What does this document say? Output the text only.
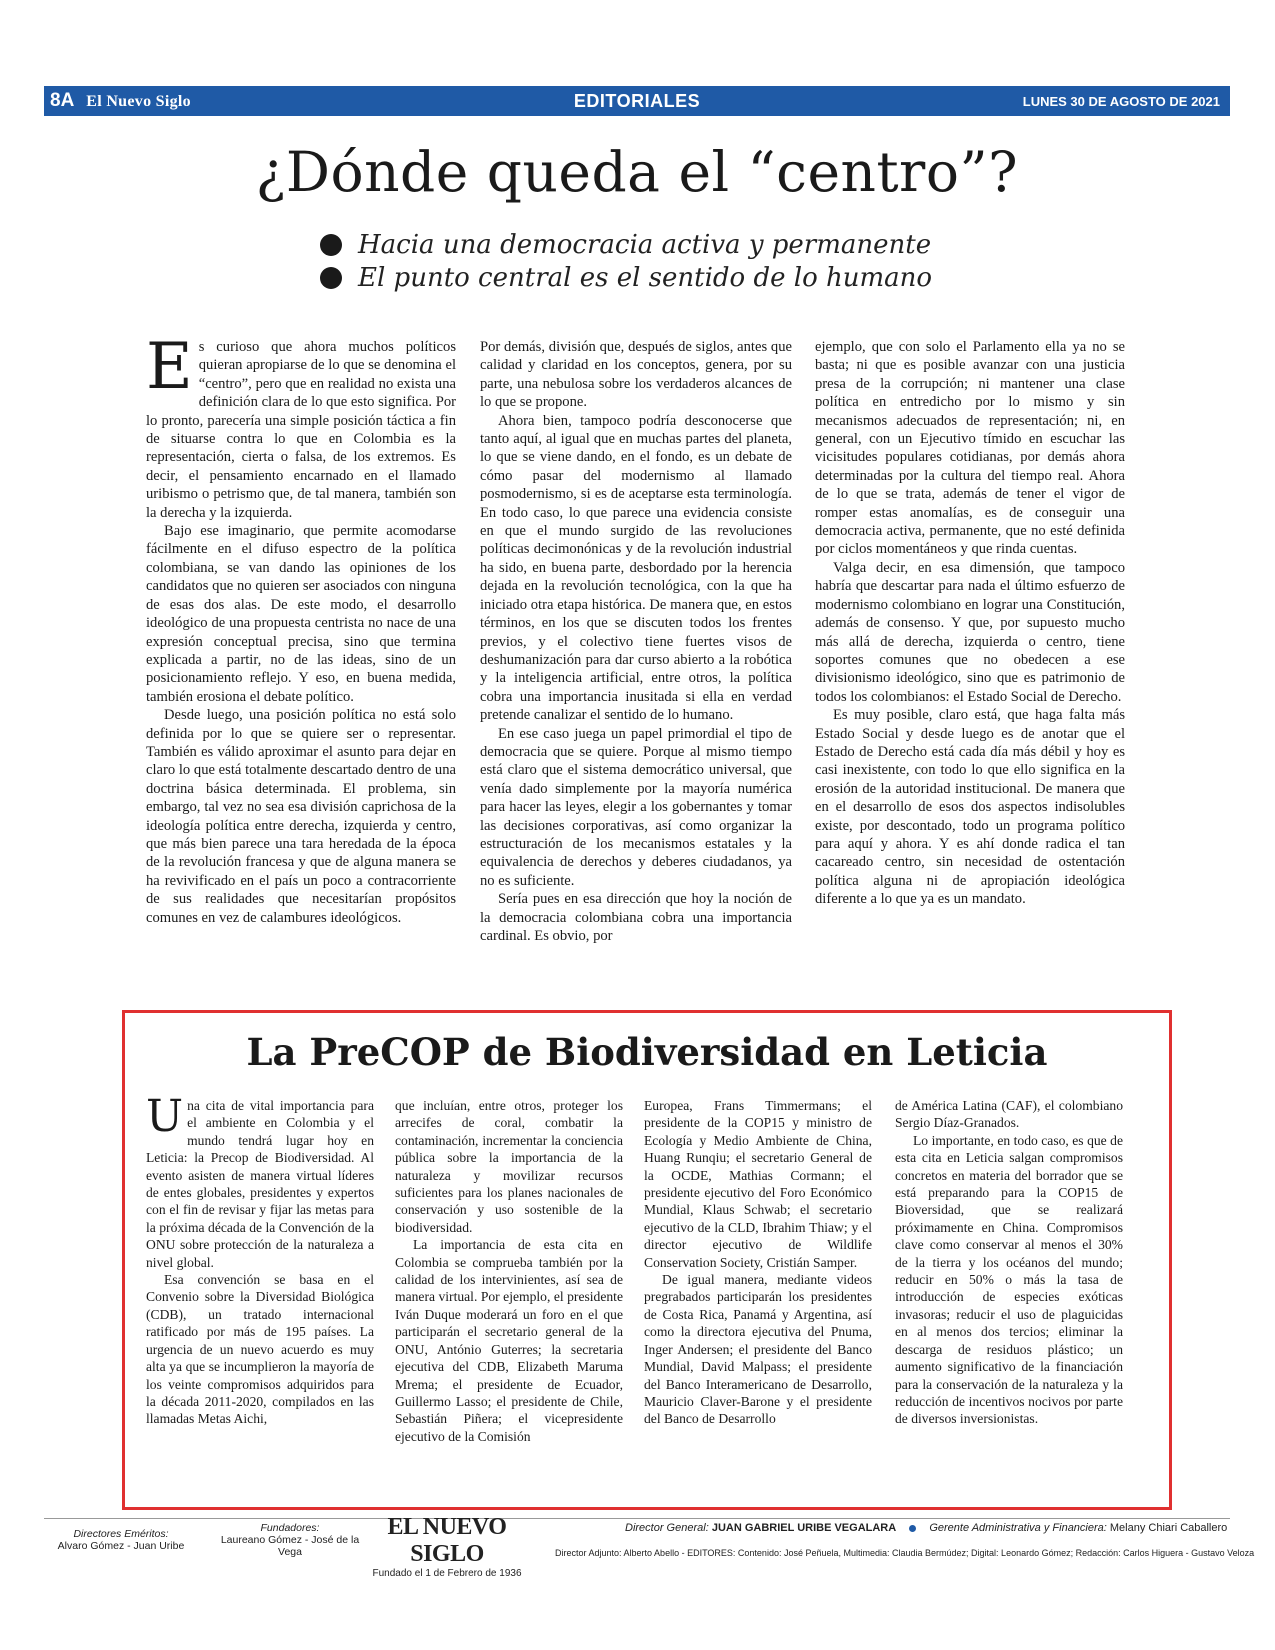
8A El Nuevo Siglo	EDITORIALES	LUNES 30 DE AGOSTO DE 2021
¿Dónde queda el “centro”?
Hacia una democracia activa y permanente
El punto central es el sentido de lo humano
E s curioso que ahora muchos políticos quieran apropiarse de lo que se denomina el “centro”, pero que en realidad no exista una definición clara de lo que esto significa. Por lo pronto, parecería una simple posición táctica a fin de situarse contra lo que en Colombia es la representación, cierta o falsa, de los extremos. Es decir, el pensamiento encarnado en el llamado uribismo o petrismo que, de tal manera, también son la derecha y la izquierda.

Bajo ese imaginario, que permite acomodarse fácilmente en el difuso espectro de la política colombiana, se van dando las opiniones de los candidatos que no quieren ser asociados con ninguna de esas dos alas. De este modo, el desarrollo ideológico de una propuesta centrista no nace de una expresión conceptual precisa, sino que termina explicada a partir, no de las ideas, sino de un posicionamiento reflejo. Y eso, en buena medida, también erosiona el debate político.

Desde luego, una posición política no está solo definida por lo que se quiere ser o representar. También es válido aproximar el asunto para dejar en claro lo que está totalmente descartado dentro de una doctrina básica determinada. El problema, sin embargo, tal vez no sea esa división caprichosa de la ideología política entre derecha, izquierda y centro, que más bien parece una tara heredada de la época de la revolución francesa y que de alguna manera se ha revivificado en el país un poco a contracorriente de sus realidades que necesitarían propósitos comunes en vez de calambures ideológicos.

Por demás, división que, después de siglos, antes que calidad y claridad en los conceptos, genera, por su parte, una nebulosa sobre los verdaderos alcances de lo que se propone.

Ahora bien, tampoco podría desconocerse que tanto aquí, al igual que en muchas partes del planeta, lo que se viene dando, en el fondo, es un debate de cómo pasar del modernismo al llamado posmodernismo, si es de aceptarse esta terminología. En todo caso, lo que parece una evidencia consiste en que el mundo surgido de las revoluciones políticas decimonónicas y de la revolución industrial ha sido, en buena parte, desbordado por la herencia dejada en la revolución tecnológica, con la que ha iniciado otra etapa histórica. De manera que, en estos términos, en los que se discuten todos los frentes previos, y el colectivo tiene fuertes visos de deshumanización para dar curso abierto a la robótica y la inteligencia artificial, entre otros, la política cobra una importancia inusitada si ella en verdad pretende canalizar el sentido de lo humano.

En ese caso juega un papel primordial el tipo de democracia que se quiere. Porque al mismo tiempo está claro que el sistema democrático universal, que venía dado simplemente por la mayoría numérica para hacer las leyes, elegir a los gobernantes y tomar las decisiones corporativas, así como organizar la estructuración de los mecanismos estatales y la equivalencia de derechos y deberes ciudadanos, ya no es suficiente.

Sería pues en esa dirección que hoy la noción de la democracia colombiana cobra una importancia cardinal. Es obvio, por

ejemplo, que con solo el Parlamento ella ya no se basta; ni que es posible avanzar con una justicia presa de la corrupción; ni mantener una clase política en entredicho por lo mismo y sin mecanismos adecuados de representación; ni, en general, con un Ejecutivo tímido en escuchar las vicisitudes populares cotidianas, por demás ahora determinadas por la cultura del tiempo real. Ahora de lo que se trata, además de tener el vigor de romper estas anomalías, es de conseguir una democracia activa, permanente, que no esté definida por ciclos momentáneos y que rinda cuentas.

Valga decir, en esa dimensión, que tampoco habría que descartar para nada el último esfuerzo de modernismo colombiano en lograr una Constitución, además de consenso. Y que, por supuesto mucho más allá de derecha, izquierda o centro, tiene soportes comunes que no obedecen a ese divisionismo ideológico, sino que es patrimonio de todos los colombianos: el Estado Social de Derecho.

Es muy posible, claro está, que haga falta más Estado Social y desde luego es de anotar que el Estado de Derecho está cada día más débil y hoy es casi inexistente, con todo lo que ello significa en la erosión de la autoridad institucional. De manera que en el desarrollo de esos dos aspectos indisolubles existe, por descontado, todo un programa político para aquí y ahora. Y es ahí donde radica el tan cacareado centro, sin necesidad de ostentación política alguna ni de apropiación ideológica diferente a lo que ya es un mandato.

La PreCOP de Biodiversidad en Leticia
U na cita de vital importancia para el ambiente en Colombia y el mundo tendrá lugar hoy en Leticia: la Precop de Biodiversidad. Al evento asisten de manera virtual líderes de entes globales, presidentes y expertos con el fin de revisar y fijar las metas para la próxima década de la Convención de la ONU sobre protección de la naturaleza a nivel global.

Esa convención se basa en el Convenio sobre la Diversidad Biológica (CDB), un tratado internacional ratificado por más de 195 países. La urgencia de un nuevo acuerdo es muy alta ya que se incumplieron la mayoría de los veinte compromisos adquiridos para la década 2011-2020, compilados en las llamadas Metas Aichi,

que incluían, entre otros, proteger los arrecifes de coral, combatir la contaminación, incrementar la conciencia pública sobre la importancia de la naturaleza y movilizar recursos suficientes para los planes nacionales de conservación y uso sostenible de la biodiversidad.

La importancia de esta cita en Colombia se comprueba también por la calidad de los intervinientes, así sea de manera virtual. Por ejemplo, el presidente Iván Duque moderará un foro en el que participarán el secretario general de la ONU, António Guterres; la secretaria ejecutiva del CDB, Elizabeth Maruma Mrema; el presidente de Ecuador, Guillermo Lasso; el presidente de Chile, Sebastián Piñera; el vicepresidente ejecutivo de la Comisión

Europea, Frans Timmermans; el presidente de la COP15 y ministro de Ecología y Medio Ambiente de China, Huang Runqiu; el secretario General de la OCDE, Mathias Cormann; el presidente ejecutivo del Foro Económico Mundial, Klaus Schwab; el secretario ejecutivo de la CLD, Ibrahim Thiaw; y el director ejecutivo de Wildlife Conservation Society, Cristián Samper.

De igual manera, mediante videos pregrabados participarán los presidentes de Costa Rica, Panamá y Argentina, así como la directora ejecutiva del Pnuma, Inger Andersen; el presidente del Banco Mundial, David Malpass; el presidente del Banco Interamericano de Desarrollo, Mauricio Claver-Barone y el presidente del Banco de Desarrollo

de América Latina (CAF), el colombiano Sergio Díaz-Granados.

Lo importante, en todo caso, es que de esta cita en Leticia salgan compromisos concretos en materia del borrador que se está preparando para la COP15 de Bioversidad, que se realizará próximamente en China. Compromisos clave como conservar al menos el 30% de la tierra y los océanos del mundo; reducir en 50% o más la tasa de introducción de especies exóticas invasoras; reducir el uso de plaguicidas en al menos dos tercios; eliminar la descarga de residuos plástico; un aumento significativo de la financiación para la conservación de la naturaleza y la reducción de incentivos nocivos por parte de diversos inversionistas.

Directores Eméritos:
Alvaro Gómez - Juan Uribe
Fundadores:
Laureano Gómez - José de la Vega
EL NUEVO SIGLO
Fundado el 1 de Febrero de 1936
Director General: JUAN GABRIEL URIBE VEGALARA	Gerente Administrativa y Financiera: Melany Chiari Caballero
Director Adjunto: Alberto Abello - EDITORES: Contenido: José Peñuela, Multimedia: Claudia Bermúdez; Digital: Leonardo Gómez; Redacción: Carlos Higuera - Gustavo Veloza
